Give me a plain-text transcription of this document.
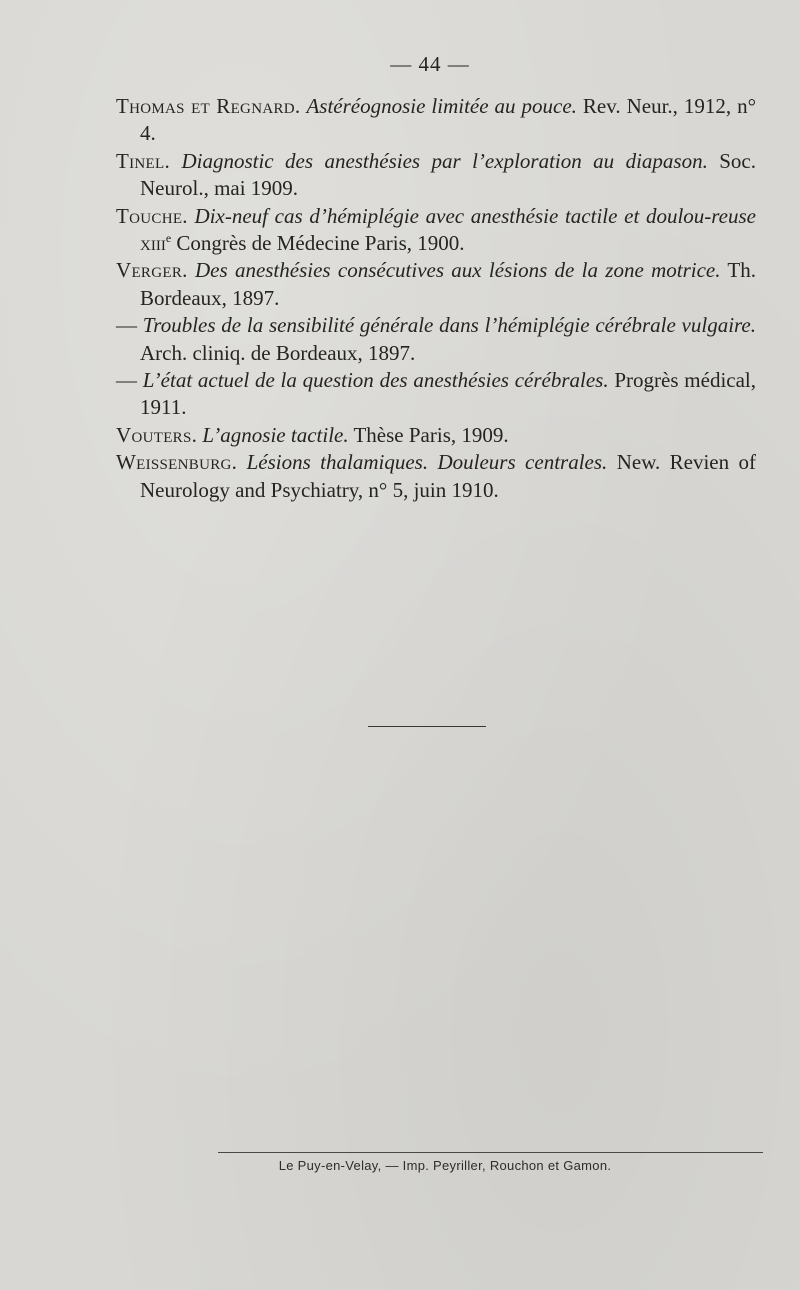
— 44 —
Thomas et Regnard. Astéréognosie limitée au pouce. Rev. Neur., 1912, n° 4.
Tinel. Diagnostic des anesthésies par l’exploration au diapason. Soc. Neurol., mai 1909.
Touche. Dix-neuf cas d’hémiplégie avec anesthésie tactile et doulou-reuse xiii$^e$ Congrès de Médecine Paris, 1900.
Verger. Des anesthésies consécutives aux lésions de la zone motrice. Th. Bordeaux, 1897.
— Troubles de la sensibilité générale dans l’hémiplégie cérébrale vulgaire. Arch. cliniq. de Bordeaux, 1897.
— L’état actuel de la question des anesthésies cérébrales. Progrès médical, 1911.
Vouters. L’agnosie tactile. Thèse Paris, 1909.
Weissenburg. Lésions thalamiques. Douleurs centrales. New. Revien of Neurology and Psychiatry, n° 5, juin 1910.
Le Puy-en-Velay, — Imp. Peyriller, Rouchon et Gamon.
